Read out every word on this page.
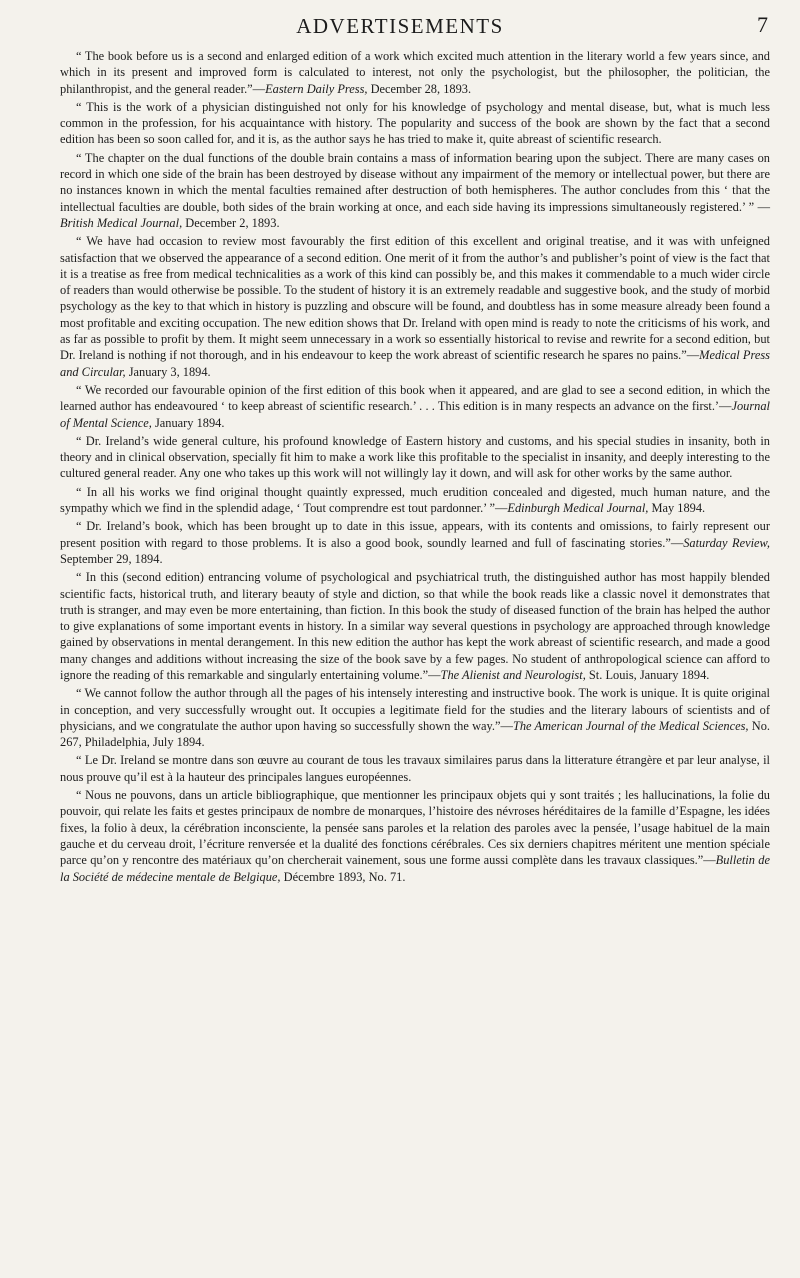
ADVERTISEMENTS	7

“ The book before us is a second and enlarged edition of a work which excited much attention in the literary world a few years since, and which in its present and improved form is calculated to interest, not only the psychologist, but the philosopher, the politician, the philanthropist, and the general reader.”—Eastern Daily Press, December 28, 1893.

“ This is the work of a physician distinguished not only for his knowledge of psychology and mental disease, but, what is much less common in the profession, for his acquaintance with history. The popularity and success of the book are shown by the fact that a second edition has been so soon called for, and it is, as the author says he has tried to make it, quite abreast of scientific research.

“ The chapter on the dual functions of the double brain contains a mass of information bearing upon the subject. There are many cases on record in which one side of the brain has been destroyed by disease without any impairment of the memory or intellectual power, but there are no instances known in which the mental faculties remained after destruction of both hemispheres. The author concludes from this ‘ that the intellectual faculties are double, both sides of the brain working at once, and each side having its impressions simultaneously registered.’ ” —British Medical Journal, December 2, 1893.

“ We have had occasion to review most favourably the first edition of this excellent and original treatise, and it was with unfeigned satisfaction that we observed the appearance of a second edition. One merit of it from the author’s and publisher’s point of view is the fact that it is a treatise as free from medical technicalities as a work of this kind can possibly be, and this makes it commendable to a much wider circle of readers than would otherwise be possible. To the student of history it is an extremely readable and suggestive book, and the study of morbid psychology as the key to that which in history is puzzling and obscure will be found, and doubtless has in some measure already been found a most profitable and exciting occupation. The new edition shows that Dr. Ireland with open mind is ready to note the criticisms of his work, and as far as possible to profit by them. It might seem unnecessary in a work so essentially historical to revise and rewrite for a second edition, but Dr. Ireland is nothing if not thorough, and in his endeavour to keep the work abreast of scientific research he spares no pains.”—Medical Press and Circular, January 3, 1894.

“ We recorded our favourable opinion of the first edition of this book when it appeared, and are glad to see a second edition, in which the learned author has endeavoured ‘ to keep abreast of scientific research.’ . . . This edition is in many respects an advance on the first.’—Journal of Mental Science, January 1894.

“ Dr. Ireland’s wide general culture, his profound knowledge of Eastern history and customs, and his special studies in insanity, both in theory and in clinical observation, specially fit him to make a work like this profitable to the specialist in insanity, and deeply interesting to the cultured general reader. Any one who takes up this work will not willingly lay it down, and will ask for other works by the same author.

“ In all his works we find original thought quaintly expressed, much erudition concealed and digested, much human nature, and the sympathy which we find in the splendid adage, ‘ Tout comprendre est tout pardonner.’ ”—Edinburgh Medical Journal, May 1894.

“ Dr. Ireland’s book, which has been brought up to date in this issue, appears, with its contents and omissions, to fairly represent our present position with regard to those problems. It is also a good book, soundly learned and full of fascinating stories.”—Saturday Review, September 29, 1894.

“ In this (second edition) entrancing volume of psychological and psychiatrical truth, the distinguished author has most happily blended scientific facts, historical truth, and literary beauty of style and diction, so that while the book reads like a classic novel it demonstrates that truth is stranger, and may even be more entertaining, than fiction. In this book the study of diseased function of the brain has helped the author to give explanations of some important events in history. In a similar way several questions in psychology are approached through knowledge gained by observations in mental derangement. In this new edition the author has kept the work abreast of scientific research, and made a good many changes and additions without increasing the size of the book save by a few pages. No student of anthropological science can afford to ignore the reading of this remarkable and singularly entertaining volume.”—The Alienist and Neurologist, St. Louis, January 1894.

“ We cannot follow the author through all the pages of his intensely interesting and instructive book. The work is unique. It is quite original in conception, and very successfully wrought out. It occupies a legitimate field for the studies and the literary labours of scientists and of physicians, and we congratulate the author upon having so successfully shown the way.”—The American Journal of the Medical Sciences, No. 267, Philadelphia, July 1894.

“ Le Dr. Ireland se montre dans son œuvre au courant de tous les travaux similaires parus dans la litterature étrangère et par leur analyse, il nous prouve qu’il est à la hauteur des principales langues européennes.

“ Nous ne pouvons, dans un article bibliographique, que mentionner les principaux objets qui y sont traités ; les hallucinations, la folie du pouvoir, qui relate les faits et gestes principaux de nombre de monarques, l’histoire des névroses héréditaires de la famille d’Espagne, les idées fixes, la folio à deux, la cérébration inconsciente, la pensée sans paroles et la relation des paroles avec la pensée, l’usage habituel de la main gauche et du cerveau droit, l’écriture renversée et la dualité des fonctions cérébrales. Ces six derniers chapitres méritent une mention spéciale parce qu’on y rencontre des matériaux qu’on chercherait vainement, sous une forme aussi complète dans les travaux classiques.”—Bulletin de la Société de médecine mentale de Belgique, Décembre 1893, No. 71.
